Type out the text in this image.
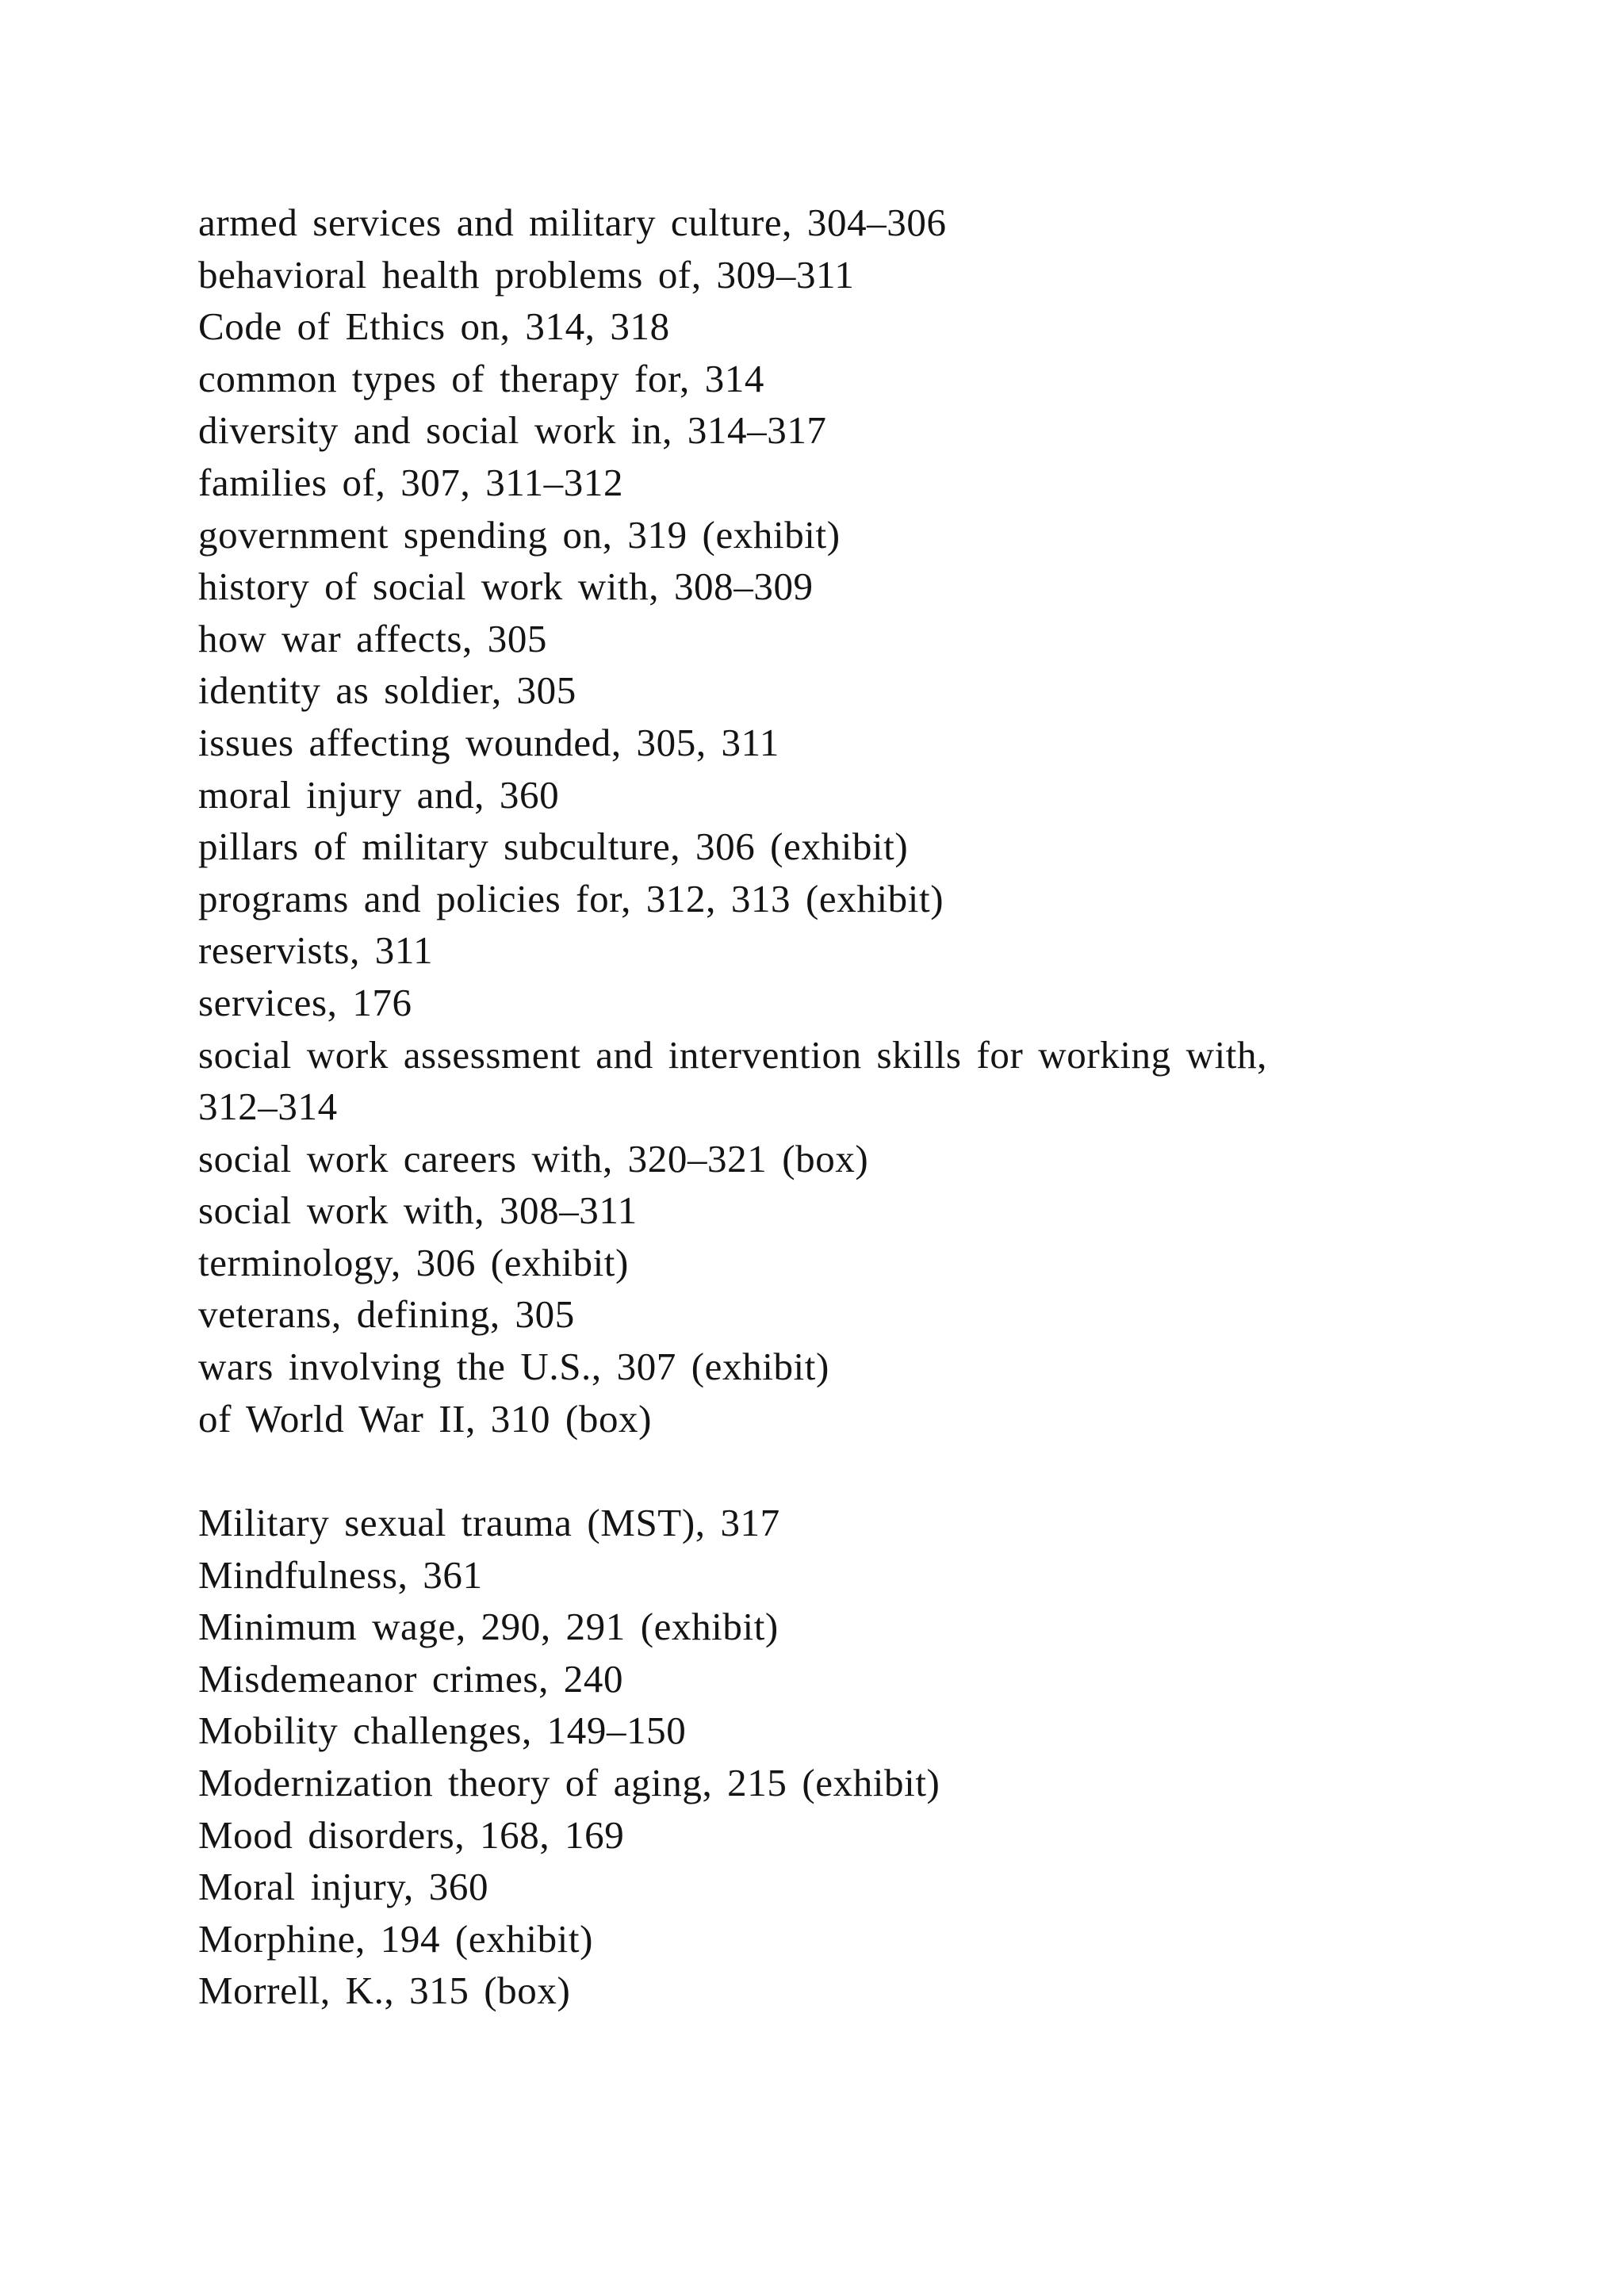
armed services and military culture, 304–306
behavioral health problems of, 309–311
Code of Ethics on, 314, 318
common types of therapy for, 314
diversity and social work in, 314–317
families of, 307, 311–312
government spending on, 319 (exhibit)
history of social work with, 308–309
how war affects, 305
identity as soldier, 305
issues affecting wounded, 305, 311
moral injury and, 360
pillars of military subculture, 306 (exhibit)
programs and policies for, 312, 313 (exhibit)
reservists, 311
services, 176
social work assessment and intervention skills for working with,
312–314
social work careers with, 320–321 (box)
social work with, 308–311
terminology, 306 (exhibit)
veterans, defining, 305
wars involving the U.S., 307 (exhibit)
of World War II, 310 (box)
Military sexual trauma (MST), 317
Mindfulness, 361
Minimum wage, 290, 291 (exhibit)
Misdemeanor crimes, 240
Mobility challenges, 149–150
Modernization theory of aging, 215 (exhibit)
Mood disorders, 168, 169
Moral injury, 360
Morphine, 194 (exhibit)
Morrell, K., 315 (box)
